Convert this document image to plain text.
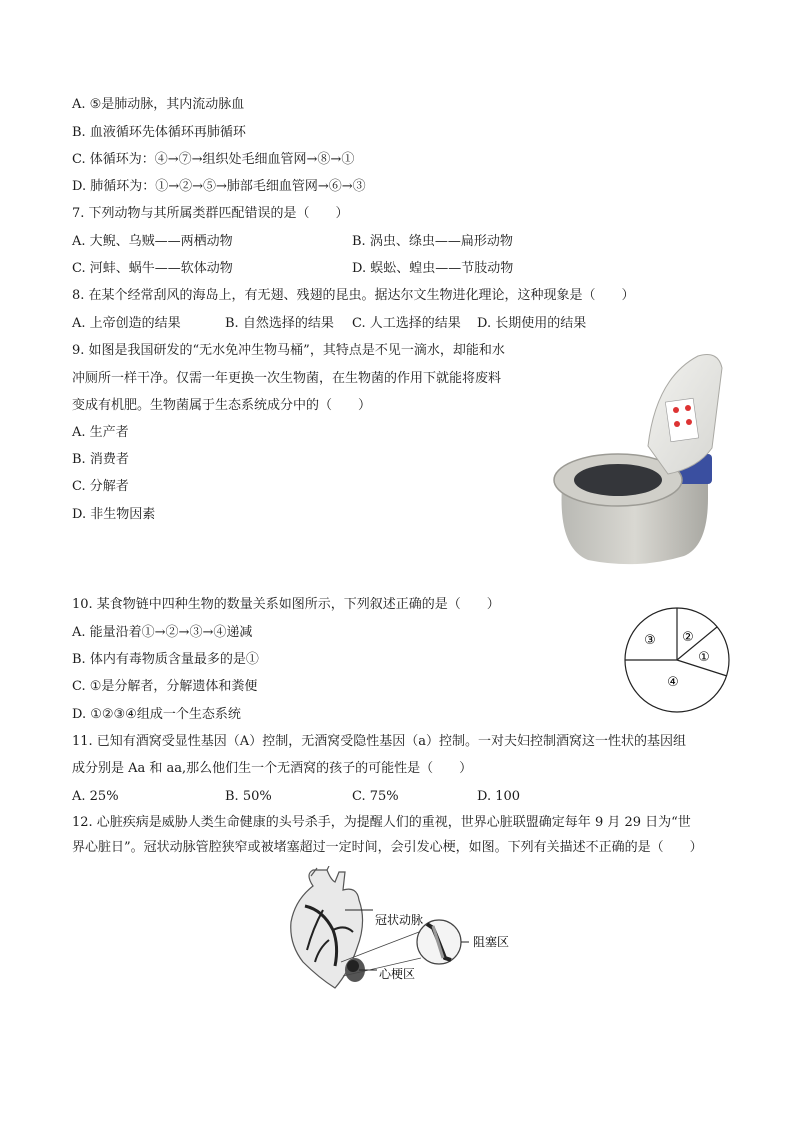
A. ⑤是肺动脉，其内流动脉血
B. 血液循环先体循环再肺循环
C. 体循环为：④→⑦→组织处毛细血管网→⑧→①
D. 肺循环为：①→②→⑤→肺部毛细血管网→⑥→③
7. 下列动物与其所属类群匹配错误的是（　　）
A. 大鲵、乌贼——两栖动物	B. 涡虫、绦虫——扁形动物
C. 河蚌、蜗牛——软体动物	D. 蜈蚣、蝗虫——节肢动物
8. 在某个经常刮风的海岛上，有无翅、残翅的昆虫。据达尔文生物进化理论，这种现象是（　　）
A. 上帝创造的结果	B. 自然选择的结果 C. 人工选择的结果 D. 长期使用的结果
9. 如图是我国研发的“无水免冲生物马桶”，其特点是不见一滴水，却能和水
冲厕所一样干净。仅需一年更换一次生物菌，在生物菌的作用下就能将废料
变成有机肥。生物菌属于生态系统成分中的（　　）
A. 生产者
B. 消费者
C. 分解者
D. 非生物因素
10. 某食物链中四种生物的数量关系如图所示，下列叙述正确的是（　　）
A. 能量沿着①→②→③→④递减
B. 体内有毒物质含量最多的是①
C. ①是分解者，分解遗体和粪便
D. ①②③④组成一个生态系统
③ ②
①
④
11. 已知有酒窝受显性基因（A）控制，无酒窝受隐性基因（a）控制。一对夫妇控制酒窝这一性状的基因组
成分别是 Aa 和 aa,那么他们生一个无酒窝的孩子的可能性是（　　）
A. 25%	B. 50%	C. 75%	D. 100
12. 心脏疾病是威胁人类生命健康的头号杀手，为提醒人们的重视，世界心脏联盟确定每年 9 月 29 日为“世
界心脏日”。冠状动脉管腔狭窄或被堵塞超过一定时间，会引发心梗，如图。下列有关描述不正确的是（　　）
冠状动脉
阻塞区
心梗区
